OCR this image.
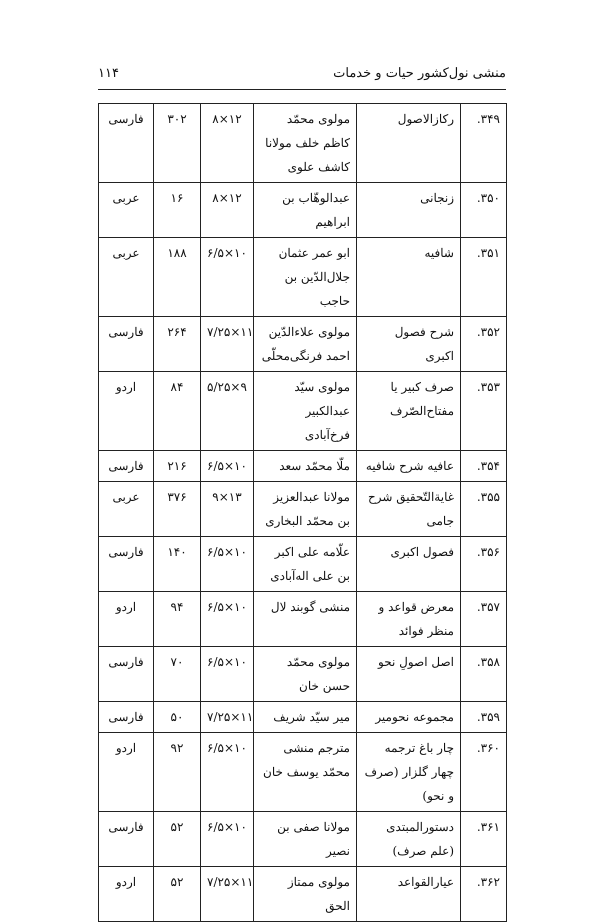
منشی نول‌کشور حیات و خدمات
۱۱۴
۳۴۹.	رکازالاصول	مولوی محمّد کاظم خلف مولانا کاشف علوی	۸×۱۲	۳۰۲	فارسی
۳۵۰.	زنجانی	عبدالوهّاب بن ابراهیم	۸×۱۲	۱۶	عربی
۳۵۱.	شافیه	ابو عمر عثمان جلال‌الدّین بن حاجب	۶/۵×۱۰	۱۸۸	عربی
۳۵۲.	شرح فصول اکبری	مولوی علاءالدّین احمد فرنگی‌محلّی	۷/۲۵×۱۱	۲۶۴	فارسی
۳۵۳.	صرف کبیر یا مفتاح‌الصّرف	مولوی سیّد عبدالکبیر فرخ‌آبادی	۵/۲۵×۹	۸۴	اردو
۳۵۴.	عافیه شرح شافیه	ملّا محمّد سعد	۶/۵×۱۰	۲۱۶	فارسی
۳۵۵.	غایة‌التّحقیق شرح جامی	مولانا عبدالعزیز بن محمّد البخاری	۹×۱۳	۳۷۶	عربی
۳۵۶.	فصول اکبری	علّامه علی اکبر بن علی اله‌آبادی	۶/۵×۱۰	۱۴۰	فارسی
۳۵۷.	معرض قواعد و منظر فوائد	منشی گوبند لال	۶/۵×۱۰	۹۴	اردو
۳۵۸.	اصل اصولِ نحو	مولوی محمّد حسن خان	۶/۵×۱۰	۷۰	فارسی
۳۵۹.	مجموعه نحومیر	میر سیّد شریف	۷/۲۵×۱۱	۵۰	فارسی
۳۶۰.	چار باغ ترجمه چهار گلزار (صرف و نحو)	مترجم منشی محمّد یوسف خان	۶/۵×۱۰	۹۲	اردو
۳۶۱.	دستورالمبتدی (علم صرف)	مولانا صفی بن نصیر	۶/۵×۱۰	۵۲	فارسی
۳۶۲.	عیارالقواعد	مولوی ممتاز الحق	۷/۲۵×۱۱	۵۲	اردو
